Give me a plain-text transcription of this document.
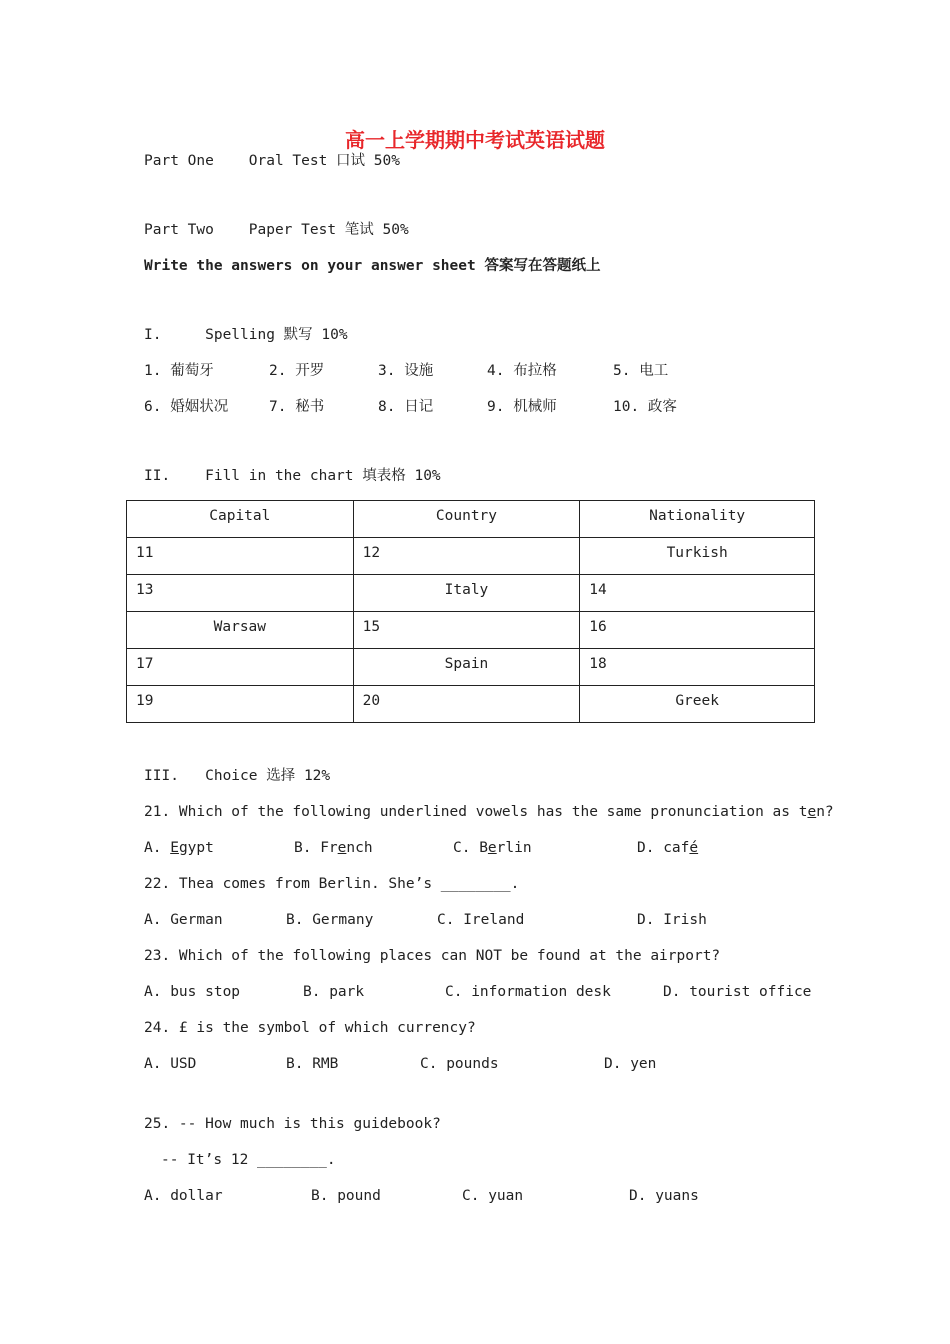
高一上学期期中考试英语试题
Part One    Oral Test 口试 50%
Part Two    Paper Test 笔试 50%
Write the answers on your answer sheet 答案写在答题纸上
I.     Spelling 默写 10%
1. 葡萄牙	2. 开罗	3. 设施	4. 布拉格	5. 电工
6. 婚姻状况	7. 秘书	8. 日记	9. 机械师	10. 政客
II.    Fill in the chart 填表格 10%
Capital	Country	Nationality
11	12	Turkish
13	Italy	14
Warsaw	15	16
17	Spain	18
19	20	Greek
III.   Choice 选择 12%
21. Which of the following underlined vowels has the same pronunciation as ten?
A. Egypt	B. French	C. Berlin	D. café
22. Thea comes from Berlin. She’s ________.
A. German	B. Germany	C. Ireland	D. Irish
23. Which of the following places can NOT be found at the airport?
A. bus stop	B. park	C. information desk	D. tourist office
24. £ is the symbol of which currency?
A. USD	B. RMB	C. pounds	D. yen
25. -- How much is this guidebook?
-- It’s 12 ________.
A. dollar	B. pound	C. yuan	D. yuans
